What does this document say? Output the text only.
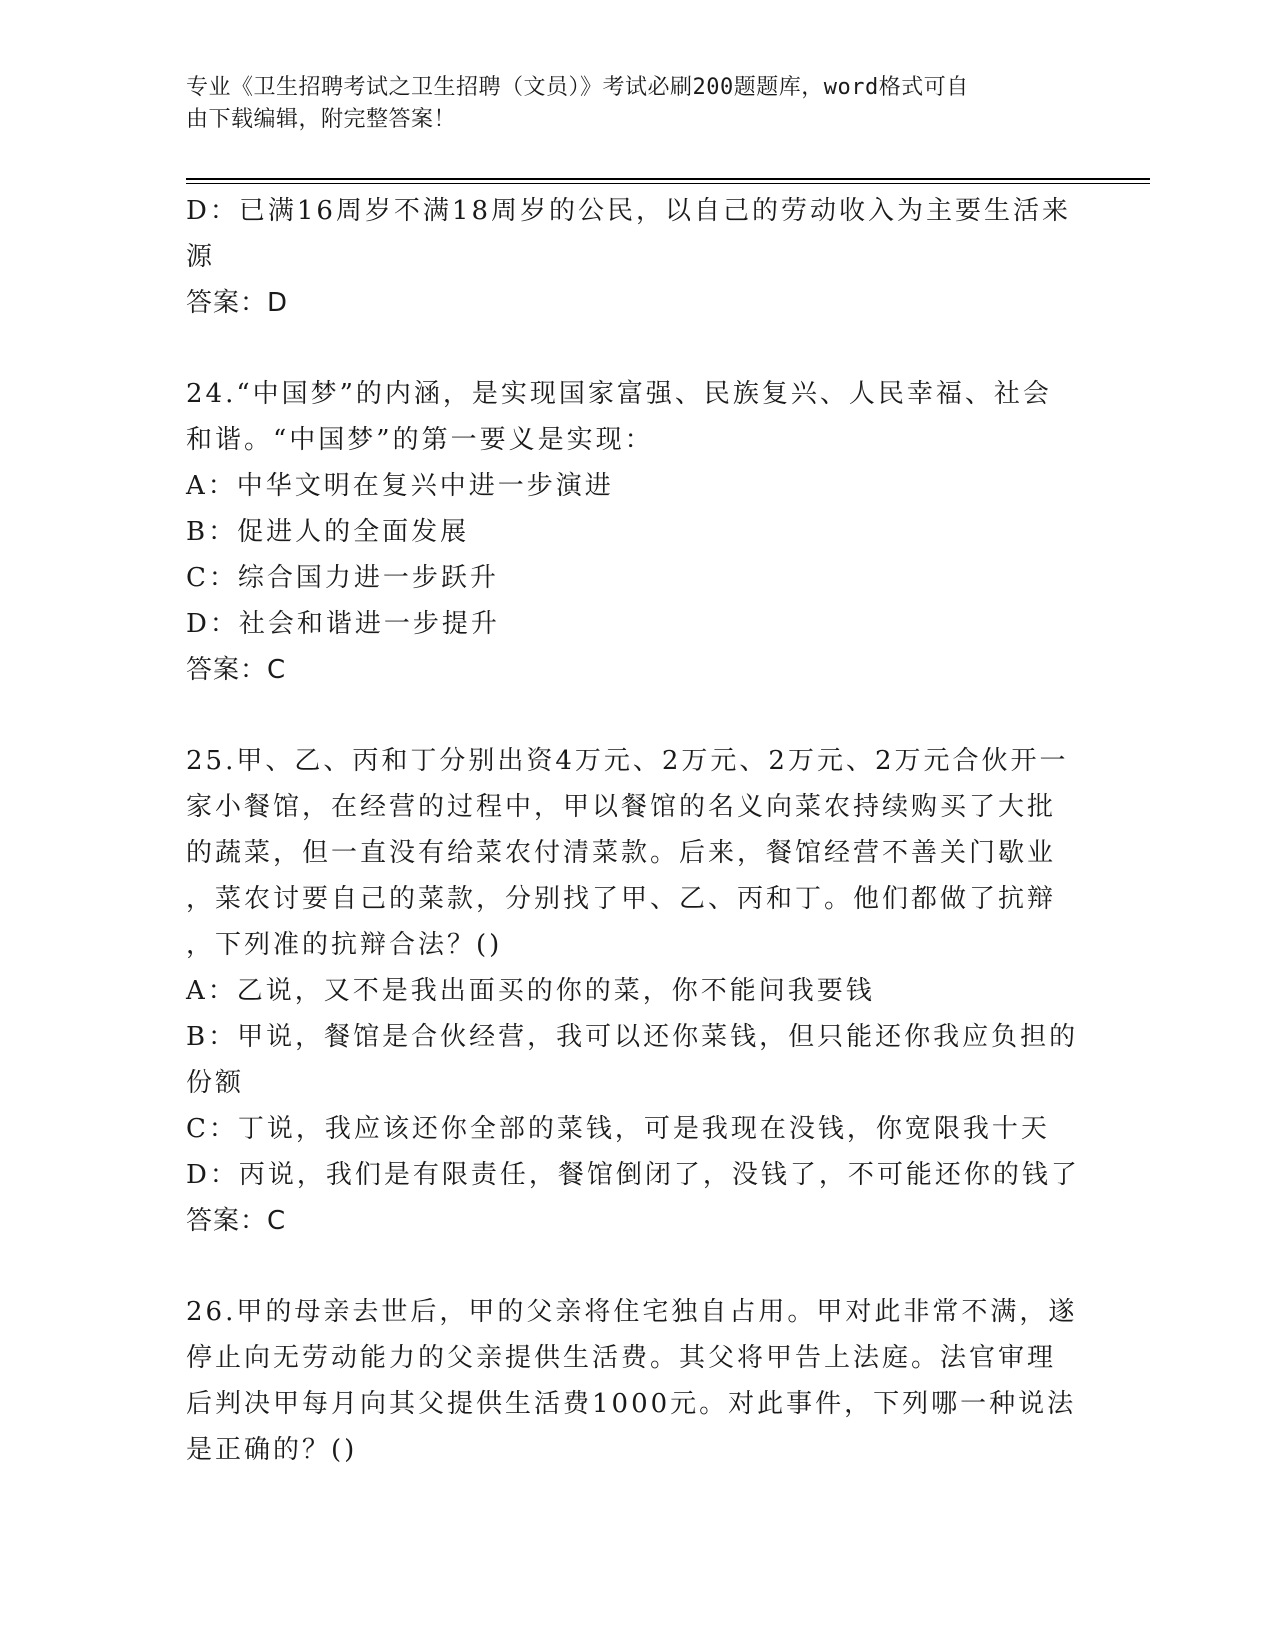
专业《卫生招聘考试之卫生招聘（文员）》考试必刷200题题库，word格式可自
由下载编辑，附完整答案！
D：已满16周岁不满18周岁的公民，以自己的劳动收入为主要生活来
源
答案：D
24.“中国梦”的内涵，是实现国家富强、民族复兴、人民幸福、社会
和谐。“中国梦”的第一要义是实现：
A：中华文明在复兴中进一步演进
B：促进人的全面发展
C：综合国力进一步跃升
D：社会和谐进一步提升
答案：C
25.甲、乙、丙和丁分别出资4万元、2万元、2万元、2万元合伙开一
家小餐馆，在经营的过程中，甲以餐馆的名义向菜农持续购买了大批
的蔬菜，但一直没有给菜农付清菜款。后来，餐馆经营不善关门歇业
，菜农讨要自己的菜款，分别找了甲、乙、丙和丁。他们都做了抗辩
，下列准的抗辩合法？()
A：乙说，又不是我出面买的你的菜，你不能问我要钱
B：甲说，餐馆是合伙经营，我可以还你菜钱，但只能还你我应负担的
份额
C：丁说，我应该还你全部的菜钱，可是我现在没钱，你宽限我十天
D：丙说，我们是有限责任，餐馆倒闭了，没钱了，不可能还你的钱了
答案：C
26.甲的母亲去世后，甲的父亲将住宅独自占用。甲对此非常不满，遂
停止向无劳动能力的父亲提供生活费。其父将甲告上法庭。法官审理
后判决甲每月向其父提供生活费1000元。对此事件，下列哪一种说法
是正确的？()
